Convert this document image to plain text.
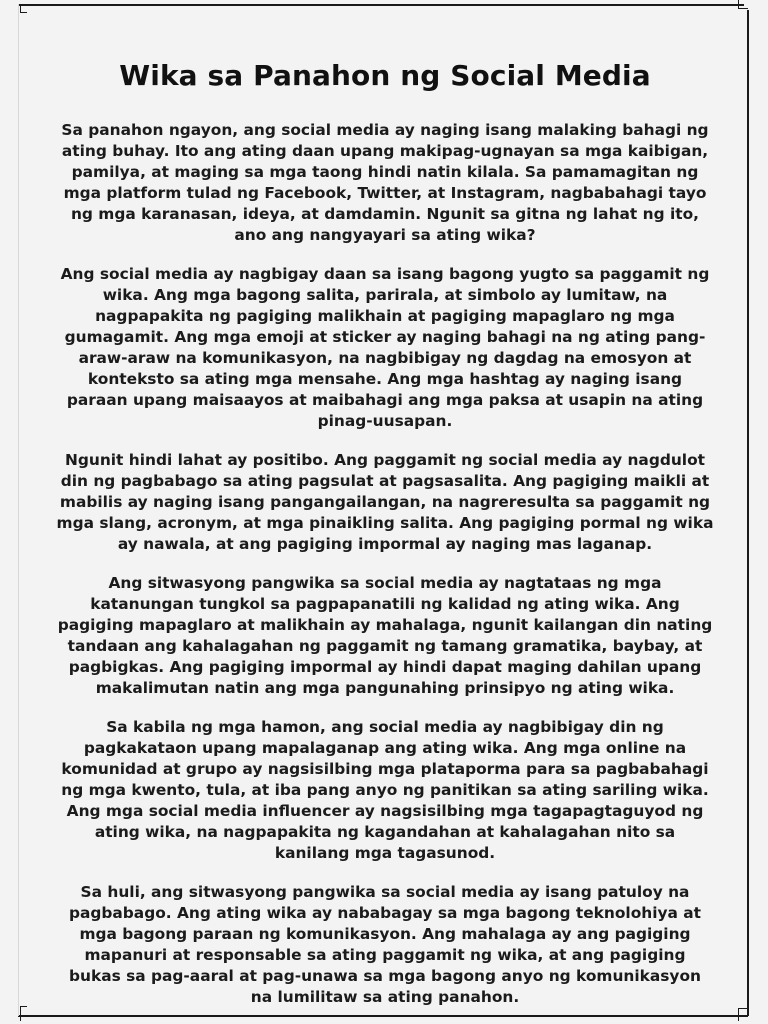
Wika sa Panahon ng Social Media

Sa panahon ngayon, ang social media ay naging isang malaking bahagi ng ating buhay. Ito ang ating daan upang makipag-ugnayan sa mga kaibigan, pamilya, at maging sa mga taong hindi natin kilala. Sa pamamagitan ng mga platform tulad ng Facebook, Twitter, at Instagram, nagbabahagi tayo ng mga karanasan, ideya, at damdamin. Ngunit sa gitna ng lahat ng ito, ano ang nangyayari sa ating wika?

Ang social media ay nagbigay daan sa isang bagong yugto sa paggamit ng wika. Ang mga bagong salita, parirala, at simbolo ay lumitaw, na nagpapakita ng pagiging malikhain at pagiging mapaglaro ng mga gumagamit. Ang mga emoji at sticker ay naging bahagi na ng ating pang-araw-araw na komunikasyon, na nagbibigay ng dagdag na emosyon at konteksto sa ating mga mensahe. Ang mga hashtag ay naging isang paraan upang maisaayos at maibahagi ang mga paksa at usapin na ating pinag-uusapan.

Ngunit hindi lahat ay positibo. Ang paggamit ng social media ay nagdulot din ng pagbabago sa ating pagsulat at pagsasalita. Ang pagiging maikli at mabilis ay naging isang pangangailangan, na nagreresulta sa paggamit ng mga slang, acronym, at mga pinaikling salita. Ang pagiging pormal ng wika ay nawala, at ang pagiging impormal ay naging mas laganap.

Ang sitwasyong pangwika sa social media ay nagtataas ng mga katanungan tungkol sa pagpapanatili ng kalidad ng ating wika. Ang pagiging mapaglaro at malikhain ay mahalaga, ngunit kailangan din nating tandaan ang kahalagahan ng paggamit ng tamang gramatika, baybay, at pagbigkas. Ang pagiging impormal ay hindi dapat maging dahilan upang makalimutan natin ang mga pangunahing prinsipyo ng ating wika.

Sa kabila ng mga hamon, ang social media ay nagbibigay din ng pagkakataon upang mapalaganap ang ating wika. Ang mga online na komunidad at grupo ay nagsisilbing mga plataporma para sa pagbabahagi ng mga kwento, tula, at iba pang anyo ng panitikan sa ating sariling wika. Ang mga social media influencer ay nagsisilbing mga tagapagtaguyod ng ating wika, na nagpapakita ng kagandahan at kahalagahan nito sa kanilang mga tagasunod.

Sa huli, ang sitwasyong pangwika sa social media ay isang patuloy na pagbabago. Ang ating wika ay nababagay sa mga bagong teknolohiya at mga bagong paraan ng komunikasyon. Ang mahalaga ay ang pagiging mapanuri at responsable sa ating paggamit ng wika, at ang pagiging bukas sa pag-aaral at pag-unawa sa mga bagong anyo ng komunikasyon na lumilitaw sa ating panahon.
